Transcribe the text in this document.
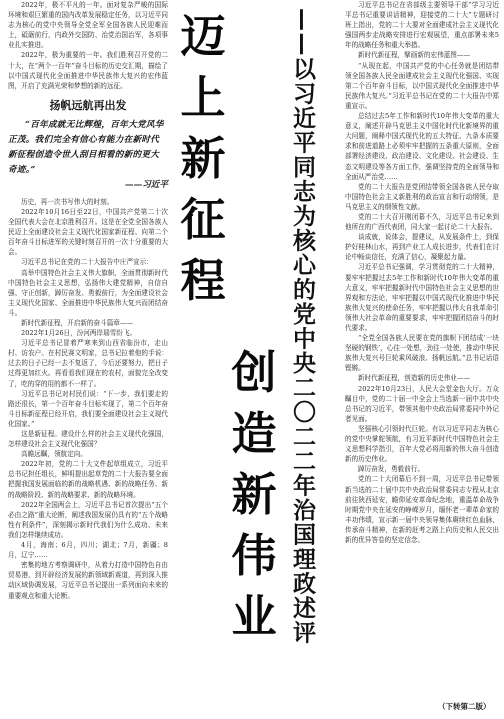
2022年，极不平凡的一年。面对复杂严峻的国际环境和艰巨繁重的国内改革发展稳定任务，以习近平同志为核心的党中央领导全党全军全国各族人民迎难而上，砥砺前行，内政外交国防、治党治国治军，各项事业扎实推进。

2022年，极为重要的一年。我们胜利召开党的二十大，在“两个一百年”奋斗目标的历史交汇期，描绘了以中国式现代化全面推进中华民族伟大复兴的宏伟蓝图，开启了充满光荣和梦想的新的远征。

扬帆远航再出发

“百年成就无比辉煌，百年大党风华正茂。我们完全有信心有能力在新时代新征程创造令世人刮目相看的新的更大奇迹。”

——习近平

历史，再一次书写伟大的时刻。

2022年10月16日至22日，中国共产党第二十次全国代表大会在北京胜利召开。这是在全党全国各族人民迈上全面建设社会主义现代化国家新征程、向第二个百年奋斗目标进军的关键时刻召开的一次十分重要的大会。

习近平总书记在党的二十大报告中庄严宣示：

高举中国特色社会主义伟大旗帜，全面贯彻新时代中国特色社会主义思想，弘扬伟大建党精神，自信自强、守正创新，踔厉奋发、勇毅前行，为全面建设社会主义现代化国家、全面推进中华民族伟大复兴而团结奋斗。

新时代新征程，开启新的奋斗篇章——

2022年1月26日，汾河两岸瑞雪纷飞。

习近平总书记冒着严寒来到山西省临汾市，走山村、访农户。在村民赛文明家，总书记拉着他的手说：过去的日子已经一去不复返了，今后还要努力，把日子过得更加红火。再看看我们现在的农村，面貌完全改变了，吃的穿的用的都不一样了。

习近平总书记对村民们说：“下一步，我们要走的路还很长，第一个百年奋斗目标实现了，第二个百年奋斗目标新征程已经开启，我们要全面建设社会主义现代化国家。”

这是新征程。建设什么样的社会主义现代化强国，怎样建设社会主义现代化强国？

高瞻远瞩，领航定向。

2022年初，党的二十大文件起草组成立，习近平总书记担任组长，鲜明提出起草党的二十大报告要全面把握我国发展面临的新的战略机遇、新的战略任务、新的战略阶段、新的战略要求、新的战略环境。

2022年全国两会上，习近平总书记首次提出“五个必由之路”重大论断，阐述我国发展仍具有的“五个战略性有利条件”，深刻揭示新时代我们为什么成功、未来我们怎样继续成功。

4月，海南；6月，四川；湖北；7月，新疆；8月，辽宁……

密集的地方考察调研中，从着力打造中国特色自由贸易港，到开辟经济发展的新领域新赛道，再到深入推动区域协调发展，习近平总书记提出一系列面向未来的重要观点和重大论断。

迈
上
新
征
程
创
造
新
伟
业 ——以习近平同志为核心的党中央二〇二二年治国理政述评

习近平总书记在省部级主要领导干部“学习习近平总书记重要讲话精神，迎接党的二十大”专题研讨班上指出，党的二十大要对全面建成社会主义现代化强国两步走战略安排进行宏观展望，重点部署未来5年的战略任务和重大举措。

新时代新征程，擘画新的宏伟蓝图——

“从现在起，中国共产党的中心任务就是团结带领全国各族人民全面建成社会主义现代化强国、实现第二个百年奋斗目标，以中国式现代化全面推进中华民族伟大复兴。”习近平总书记在党的二十大报告中郑重宣示。

总结过去5年工作和新时代10年伟大变革的重大意义，阐述开辟马克思主义中国化时代化新境界的重大问题，阐释中国式现代化的五大特征、九条本质要求和前进道路上必须牢牢把握的五条重大原则，全面部署经济建设、政治建设、文化建设、社会建设、生态文明建设等各方面工作，强调坚持党的全面领导和全面从严治党……

党的二十大报告是党团结带领全国各族人民夺取中国特色社会主义新胜利的政治宣言和行动纲领，是马克思主义的纲领性文献。

党的二十大召开刚闭幕不久，习近平总书记来到他所在的广西代表团，同大家一起讨论二十大报告。

谈成就，说体会，提建议，从发展条件上，到保护好桂林山水，再到产业工人成长进步，代表们在讨论中畅谈信任，充满了信心，凝聚起力量。

习近平总书记强调，学习贯彻党的二十大精神，要牢牢把握过去5年工作和新时代10年伟大变革的重大意义，牢牢把握新时代中国特色社会主义思想的世界观和方法论，牢牢把握以中国式现代化推进中华民族伟大复兴的使命任务，牢牢把握以伟大自我革命引领伟大社会革命的重要要求，牢牢把握团结奋斗的时代要求。

“全党全国各族人民要在党的旗帜下团结成‘一块坚硬的钢铁’，心往一处想，劲往一处使，推动中华民族伟大复兴号巨轮乘风破浪、扬帆远航。”总书记话语铿锵。

新时代新征程，创造新的历史伟业——

2022年10月23日，人民大会堂金色大厅。万众瞩目中，党的二十届一中全会上当选新一届中共中央总书记的习近平，带领其他中央政治局常委同中外记者见面。

坚强核心引领时代巨轮。有以习近平同志为核心的党中央掌舵领航，有习近平新时代中国特色社会主义思想科学指引，百年大党必将用新的伟大奋斗创造新的历史伟业。

踔厉奋发，勇毅前行。

党的二十大闭幕后不到一周，习近平总书记带领新当选的二十届中共中央政治局常委同志专程从北京前往陕西延安，瞻仰延安革命纪念地，重温革命战争时期党中央在延安的峥嵘岁月，缅怀老一辈革命家的丰功伟绩，宣示新一届中央领导集体赓续红色血脉，传承奋斗精神，在新的赶考之路上向历史和人民交出新的优异答卷的坚定信念。

（下转第二版）
